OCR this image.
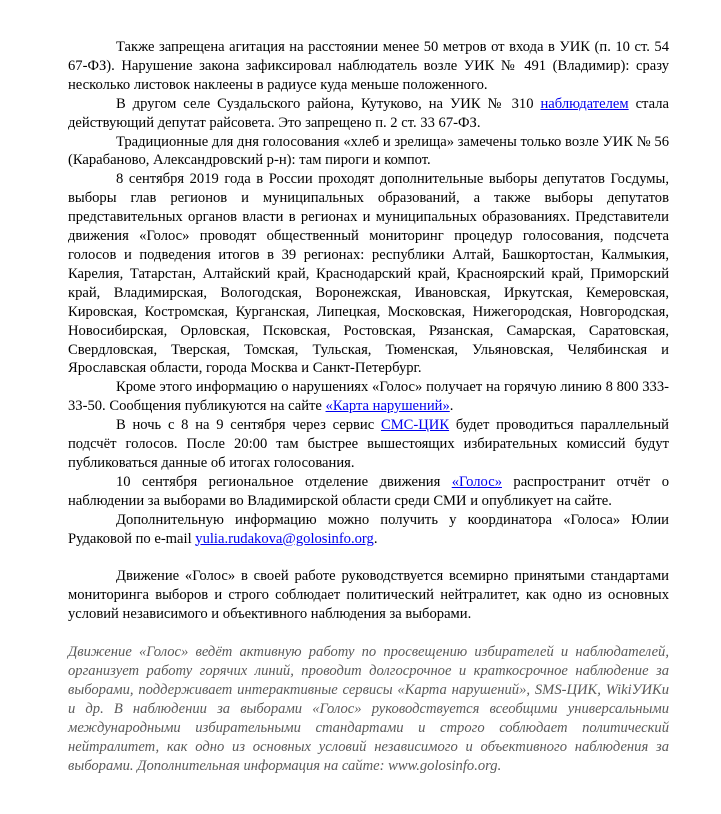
Также запрещена агитация на расстоянии менее 50 метров от входа в УИК (п. 10 ст. 54 67-ФЗ). Нарушение закона зафиксировал наблюдатель возле УИК № 491 (Владимир): сразу несколько листовок наклеены в радиусе куда меньше положенного.

В другом селе Суздальского района, Кутуково, на УИК № 310 наблюдателем стала действующий депутат райсовета. Это запрещено п. 2 ст. 33 67-ФЗ.

Традиционные для дня голосования «хлеб и зрелища» замечены только возле УИК № 56 (Карабаново, Александровский р-н): там пироги и компот.

8 сентября 2019 года в России проходят дополнительные выборы депутатов Госдумы, выборы глав регионов и муниципальных образований, а также выборы депутатов представительных органов власти в регионах и муниципальных образованиях. Представители движения «Голос» проводят общественный мониторинг процедур голосования, подсчета голосов и подведения итогов в 39 регионах: республики Алтай, Башкортостан, Калмыкия, Карелия, Татарстан, Алтайский край, Краснодарский край, Красноярский край, Приморский край, Владимирская, Вологодская, Воронежская, Ивановская, Иркутская, Кемеровская, Кировская, Костромская, Курганская, Липецкая, Московская, Нижегородская, Новгородская, Новосибирская, Орловская, Псковская, Ростовская, Рязанская, Самарская, Саратовская, Свердловская, Тверская, Томская, Тульская, Тюменская, Ульяновская, Челябинская и Ярославская области, города Москва и Санкт-Петербург.

Кроме этого информацию о нарушениях «Голос» получает на горячую линию 8 800 333-33-50. Сообщения публикуются на сайте «Карта нарушений».

В ночь с 8 на 9 сентября через сервис СМС-ЦИК будет проводиться параллельный подсчёт голосов. После 20:00 там быстрее вышестоящих избирательных комиссий будут публиковаться данные об итогах голосования.

10 сентября региональное отделение движения «Голос» распространит отчёт о наблюдении за выборами во Владимирской области среди СМИ и опубликует на сайте.

Дополнительную информацию можно получить у координатора «Голоса» Юлии Рудаковой по e-mail yulia.rudakova@golosinfo.org.

Движение «Голос» в своей работе руководствуется всемирно принятыми стандартами мониторинга выборов и строго соблюдает политический нейтралитет, как одно из основных условий независимого и объективного наблюдения за выборами.

Движение «Голос» ведёт активную работу по просвещению избирателей и наблюдателей, организует работу горячих линий, проводит долгосрочное и краткосрочное наблюдение за выборами, поддерживает интерактивные сервисы «Карта нарушений», SMS-ЦИК, WikiУИКи и др. В наблюдении за выборами «Голос» руководствуется всеобщими универсальными международными избирательными стандартами и строго соблюдает политический нейтралитет, как одно из основных условий независимого и объективного наблюдения за выборами. Дополнительная информация на сайте: www.golosinfo.org.
